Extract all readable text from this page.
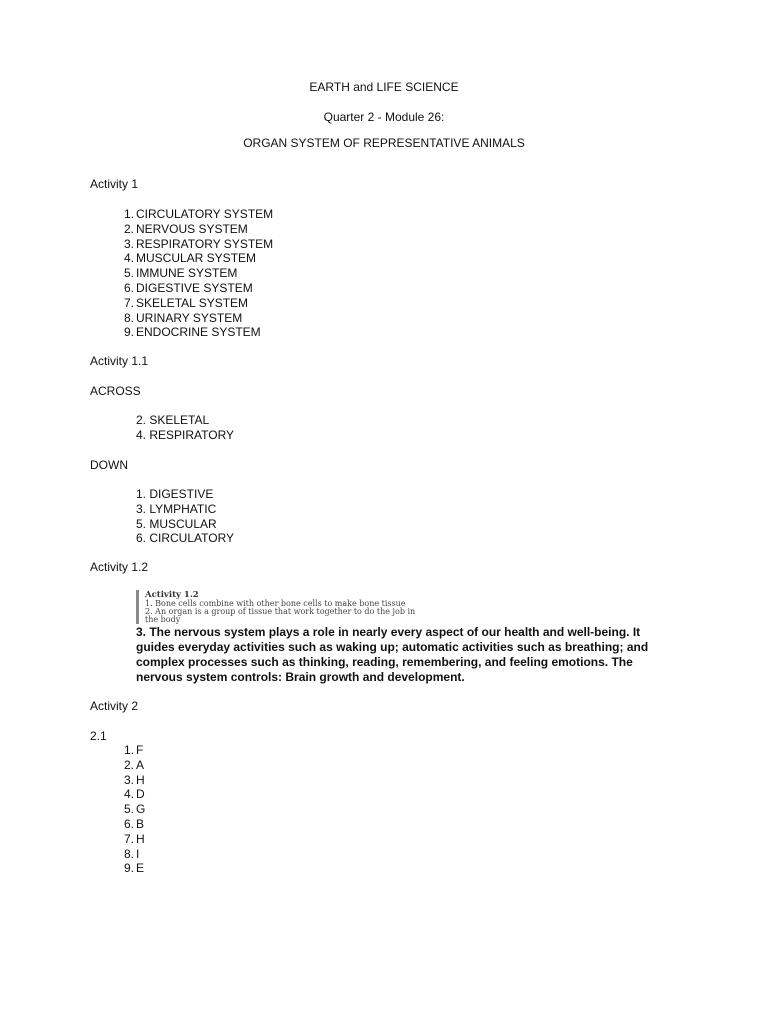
EARTH and LIFE SCIENCE
Quarter 2 - Module 26:
ORGAN SYSTEM OF REPRESENTATIVE ANIMALS
Activity 1
1. CIRCULATORY SYSTEM
2. NERVOUS SYSTEM
3. RESPIRATORY SYSTEM
4. MUSCULAR SYSTEM
5. IMMUNE SYSTEM
6. DIGESTIVE SYSTEM
7. SKELETAL SYSTEM
8. URINARY SYSTEM
9. ENDOCRINE SYSTEM
Activity 1.1
ACROSS
2. SKELETAL
4. RESPIRATORY
DOWN
1. DIGESTIVE
3. LYMPHATIC
5. MUSCULAR
6. CIRCULATORY
Activity 1.2
Activity 1.2
1. Bone cells combine with other bone cells to make bone tissue
2. An organ is a group of tissue that work together to do the job in
the body
3. The nervous system plays a role in nearly every aspect of our health and well-being. It guides everyday activities such as waking up; automatic activities such as breathing; and complex processes such as thinking, reading, remembering, and feeling emotions. The nervous system controls: Brain growth and development.
Activity 2
2.1
1. F
2. A
3. H
4. D
5. G
6. B
7. H
8. I
9. E
